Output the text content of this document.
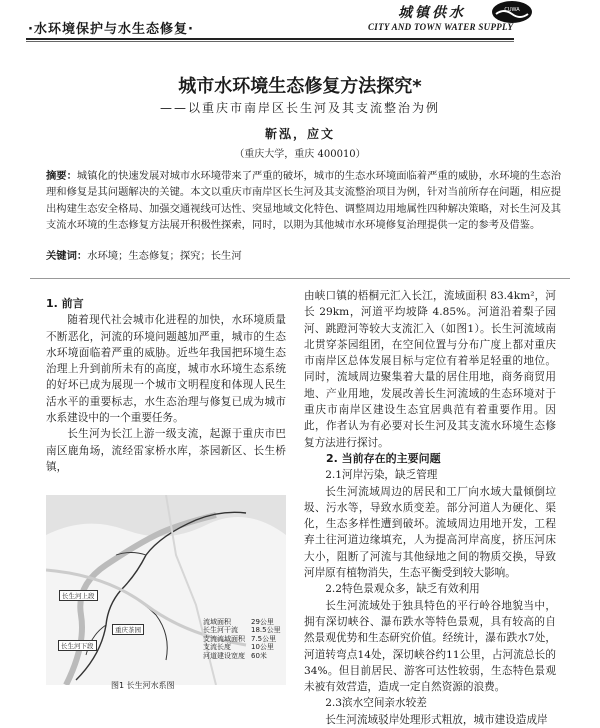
·水环境保护与水生态修复·
城镇供水	CUWA
CITY AND TOWN WATER SUPPLY
城市水环境生态修复方法探究*
——以重庆市南岸区长生河及其支流整治为例
靳泓，应文
（重庆大学，重庆 400010）
摘要：城镇化的快速发展对城市水环境带来了严重的破坏，城市的生态水环境面临着严重的威胁，水环境的生态治理和修复是其问题解决的关键。本文以重庆市南岸区长生河及其支流整治项目为例，针对当前所存在问题，相应提出构建生态安全格局、加强交通视线可达性、突显地域文化特色、调整周边用地属性四种解决策略，对长生河及其支流水环境的生态修复方法展开积极性探索，同时，以期为其他城市水环境修复治理提供一定的参考及借鉴。
关键词：水环境；生态修复；探究；长生河

1. 前言

随着现代社会城市化进程的加快，水环境质量不断恶化，河流的环境问题越加严重，城市的生态水环境面临着严重的威胁。近些年我国把环境生态治理上升到前所未有的高度，城市水环境生态系统的好坏已成为展现一个城市文明程度和体现人民生活水平的重要标志，水生态治理与修复已成为城市水系建设中的一个重要任务。

长生河为长江上游一级支流，起源于重庆市巴南区鹿角场，流经雷家桥水库，茶园新区、长生桥镇，

长生河上段
重庆茶园
长生河下段
流域面积	29公里
长生河干流 18.5公里
支流流域面积 7.5公里
支流长度	10公里
河道建设宽度 60米
图1 长生河水系图

由峡口镇的梧桐元汇入长江，流域面积 83.4km²，河长 29km，河道平均坡降 4.85%。河道沿着梨子园河、跳蹬河等较大支流汇入（如图1）。长生河流域南北贯穿茶园组团，在空间位置与分布广度上都对重庆市南岸区总体发展目标与定位有着举足轻重的地位。同时，流域周边聚集着大量的居住用地，商务商贸用地、产业用地，发展改善长生河流域的生态环境对于重庆市南岸区建设生态宜居典范有着重要作用。因此，作者认为有必要对长生河及其支流水环境生态修复方法进行探讨。

2. 当前存在的主要问题

2.1河岸污染，缺乏管理

长生河流域周边的居民和工厂向水域大量倾倒垃圾、污水等，导致水质变差。部分河道人为硬化、渠化，生态多样性遭到破坏。流域周边用地开发，工程弃土往河道边缘填充，人为提高河岸高度，挤压河床大小，阻断了河流与其他绿地之间的物质交换，导致河岸原有植物消失，生态平衡受到较大影响。

2.2特色景观众多，缺乏有效利用

长生河流域处于独具特色的平行岭谷地貌当中，拥有深切峡谷、瀑布跌水等特色景观，具有较高的自然景观优势和生态研究价值。经统计，瀑布跌水7处，河道转弯点14处，深切峡谷约11公里，占河流总长的34%。但目前居民、游客可达性较弱，生态特色景观未被有效营造，造成一定自然资源的浪费。

2.3滨水空间亲水较差

长生河流域驳岸处理形式粗放，城市建设造成岸
